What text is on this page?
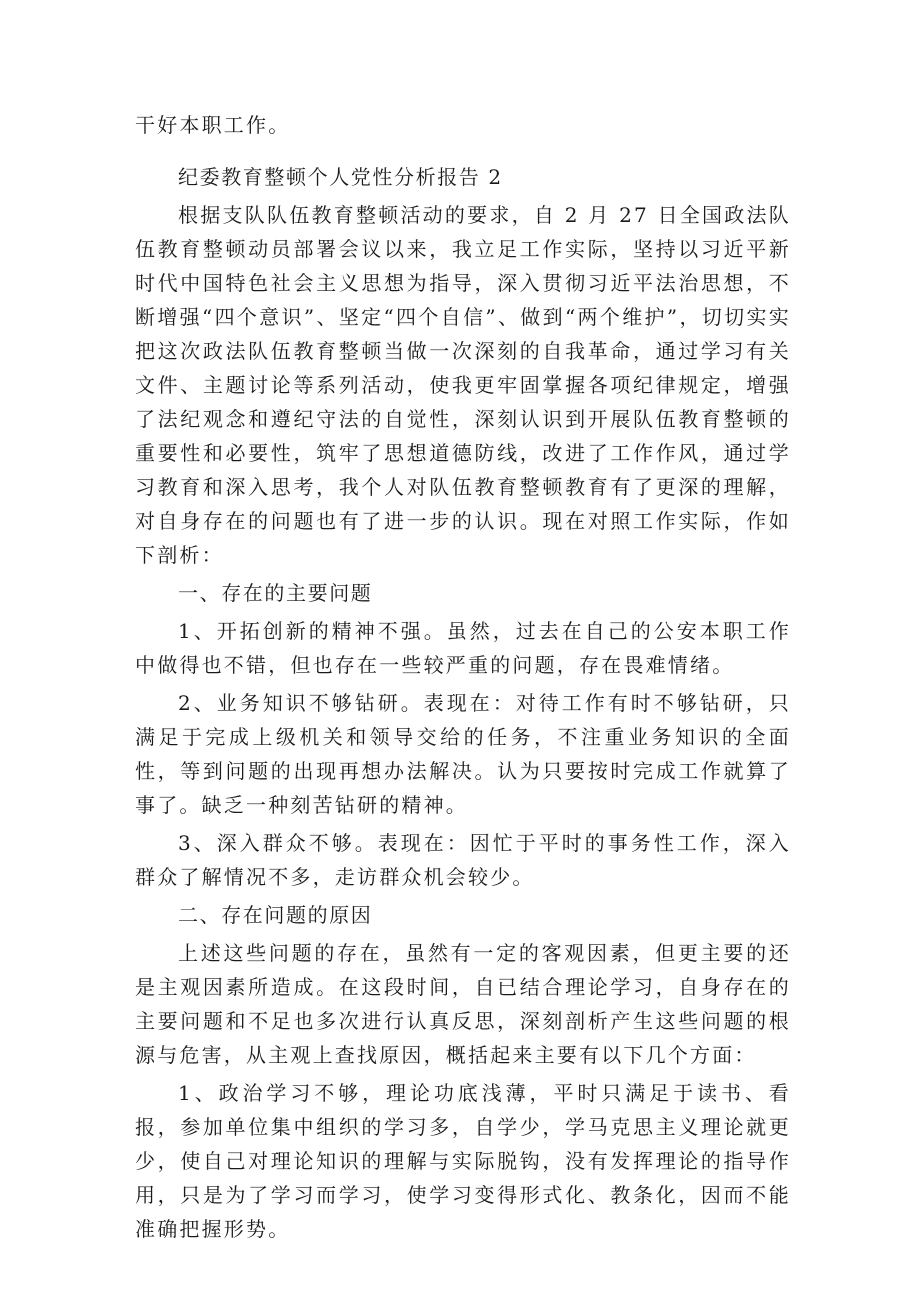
干好本职工作。

纪委教育整顿个人党性分析报告 2

根据支队队伍教育整顿活动的要求，自 2 月 27 日全国政法队伍教育整顿动员部署会议以来，我立足工作实际，坚持以习近平新时代中国特色社会主义思想为指导，深入贯彻习近平法治思想，不断增强“四个意识”、坚定“四个自信”、做到“两个维护”，切切实实把这次政法队伍教育整顿当做一次深刻的自我革命，通过学习有关文件、主题讨论等系列活动，使我更牢固掌握各项纪律规定，增强了法纪观念和遵纪守法的自觉性，深刻认识到开展队伍教育整顿的重要性和必要性，筑牢了思想道德防线，改进了工作作风，通过学习教育和深入思考，我个人对队伍教育整顿教育有了更深的理解，对自身存在的问题也有了进一步的认识。现在对照工作实际，作如下剖析：

一、存在的主要问题

1、开拓创新的精神不强。虽然，过去在自己的公安本职工作中做得也不错，但也存在一些较严重的问题，存在畏难情绪。

2、业务知识不够钻研。表现在：对待工作有时不够钻研，只满足于完成上级机关和领导交给的任务，不注重业务知识的全面性，等到问题的出现再想办法解决。认为只要按时完成工作就算了事了。缺乏一种刻苦钻研的精神。

3、深入群众不够。表现在：因忙于平时的事务性工作，深入群众了解情况不多，走访群众机会较少。

二、存在问题的原因

上述这些问题的存在，虽然有一定的客观因素，但更主要的还是主观因素所造成。在这段时间，自已结合理论学习，自身存在的主要问题和不足也多次进行认真反思，深刻剖析产生这些问题的根源与危害，从主观上查找原因，概括起来主要有以下几个方面：

1、政治学习不够，理论功底浅薄，平时只满足于读书、看报，参加单位集中组织的学习多，自学少，学马克思主义理论就更少，使自己对理论知识的理解与实际脱钩，没有发挥理论的指导作用，只是为了学习而学习，使学习变得形式化、教条化，因而不能准确把握形势。
